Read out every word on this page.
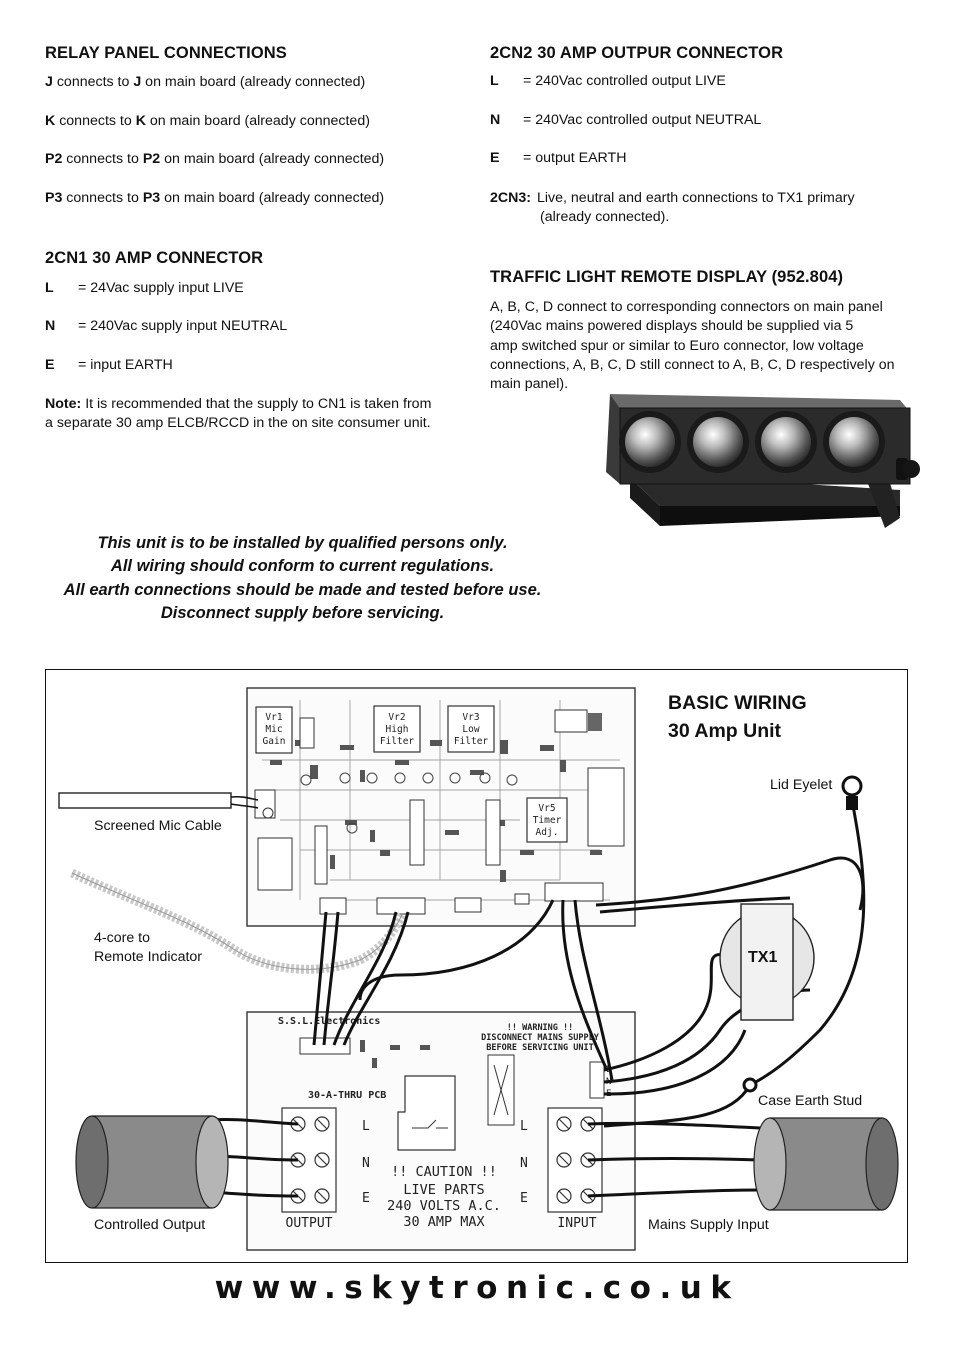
RELAY PANEL CONNECTIONS
J connects to J on main board (already connected)
K connects to K on main board (already connected)
P2 connects to P2 on main board (already connected)
P3 connects to P3 on main board (already connected)
2CN1 30 AMP CONNECTOR
L = 24Vac supply input LIVE
N = 240Vac supply input NEUTRAL
E = input EARTH
Note: It is recommended that the supply to CN1 is taken from
a separate 30 amp ELCB/RCCD in the on site consumer unit.
2CN2 30 AMP OUTPUR CONNECTOR
L = 240Vac controlled output LIVE
N = 240Vac controlled output NEUTRAL
E = output EARTH
2CN3: Live, neutral and earth connections to TX1 primary
(already connected).
TRAFFIC LIGHT REMOTE DISPLAY (952.804)
A, B, C, D connect to corresponding connectors on main panel
(240Vac mains powered displays should be supplied via 5
amp switched spur or similar to Euro connector, low voltage
connections, A, B, C, D still connect to A, B, C, D respectively on
main panel).
This unit is to be installed by qualified persons only.
All wiring should conform to current regulations.
All earth connections should be made and tested before use.
Disconnect supply before servicing.
Vr1
Mic
Gain
Vr2
High
Filter
Vr3
Low
Filter
Vr5
Timer
Adj.
S.S.L.Electronics
!! WARNING !!
DISCONNECT MAINS SUPPLY
BEFORE SERVICING UNIT
30-A-THRU PCB
L
N
E
L
N
E
L
N
E
!! CAUTION !!
LIVE PARTS
240 VOLTS A.C.
30 AMP MAX
OUTPUT	INPUT
BASIC WIRING
30 Amp Unit
Lid Eyelet
Screened Mic Cable
4-core to
Remote Indicator	TX1
Case Earth Stud
Controlled Output	Mains Supply Input
www.skytronic.co.uk
